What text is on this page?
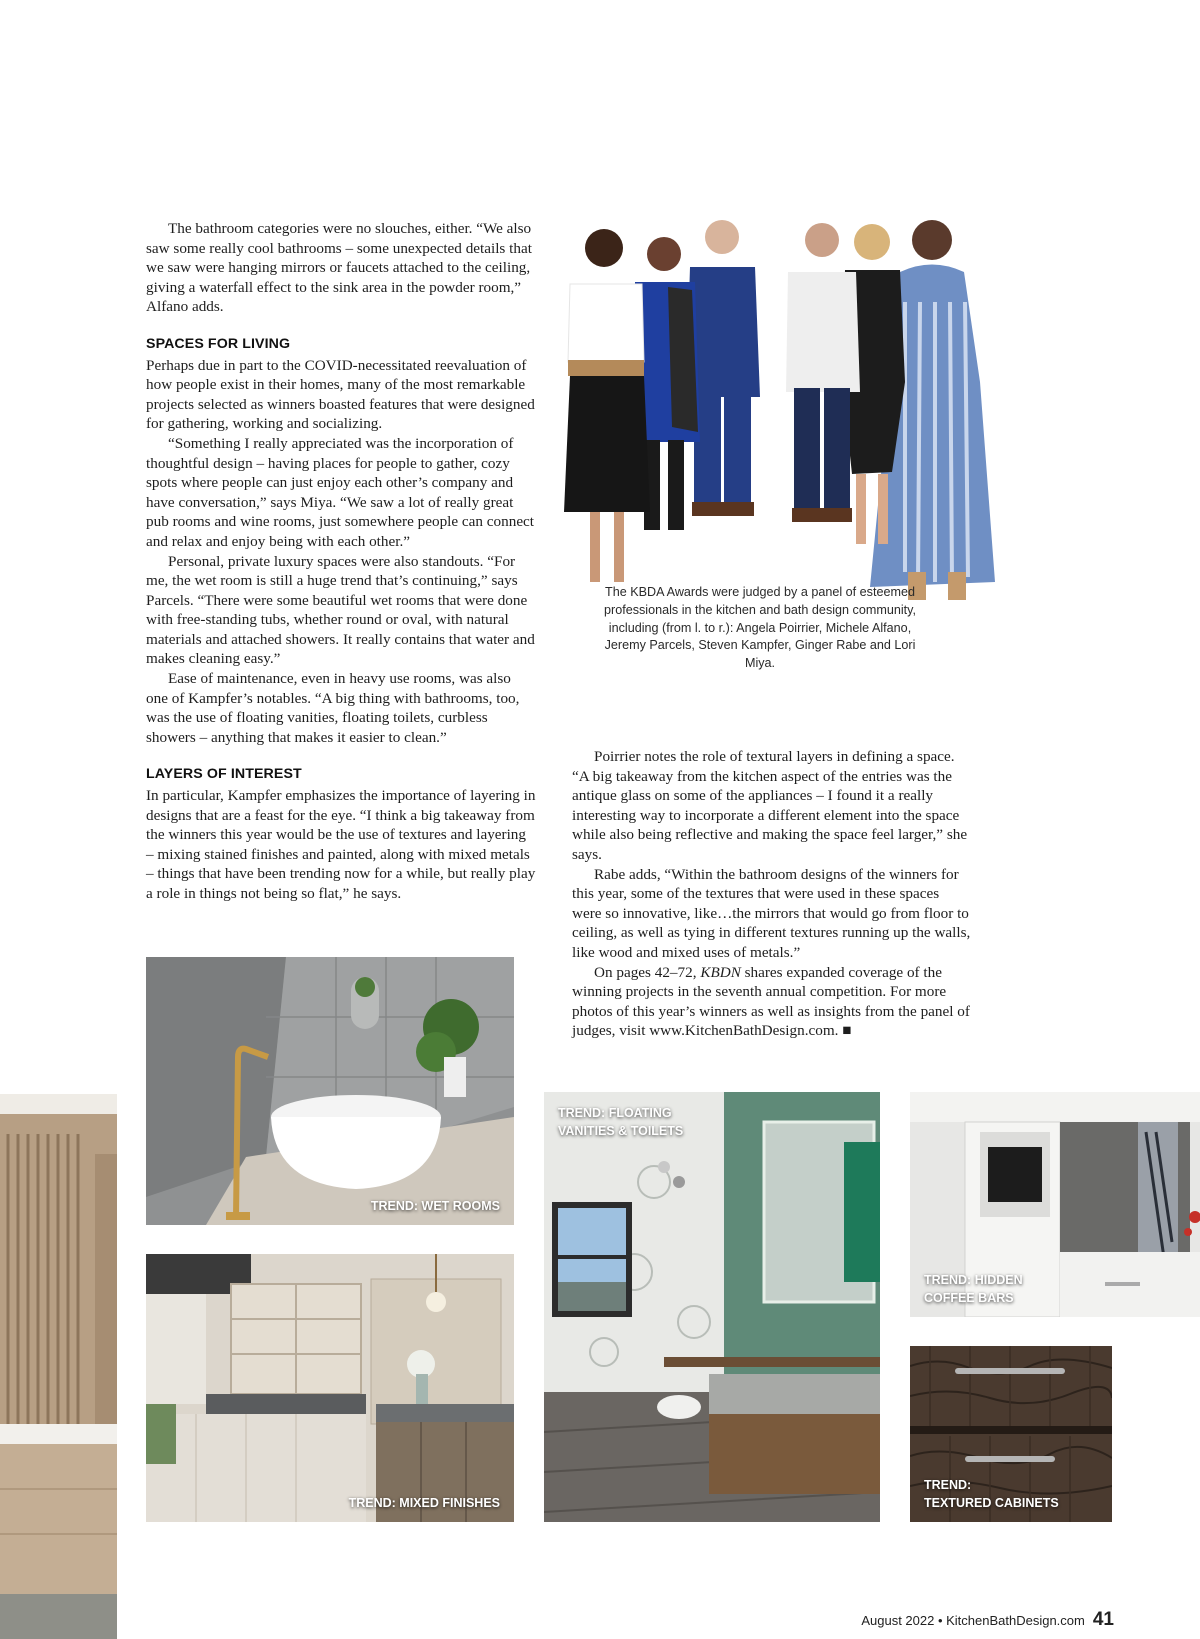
The bathroom categories were no slouches, either. “We also saw some really cool bathrooms – some unexpected details that we saw were hanging mirrors or faucets attached to the ceiling, giving a waterfall effect to the sink area in the powder room,” Alfano adds.

SPACES FOR LIVING

Perhaps due in part to the COVID-necessitated reevaluation of how people exist in their homes, many of the most remarkable projects selected as winners boasted features that were designed for gathering, working and socializing.

“Something I really appreciated was the incorporation of thoughtful design – having places for people to gather, cozy spots where people can just enjoy each other’s company and have conversation,” says Miya. “We saw a lot of really great pub rooms and wine rooms, just somewhere people can connect and relax and enjoy being with each other.”

Personal, private luxury spaces were also standouts. “For me, the wet room is still a huge trend that’s continuing,” says Parcels. “There were some beautiful wet rooms that were done with free-standing tubs, whether round or oval, with natural materials and attached showers. It really contains that water and makes cleaning easy.”

Ease of maintenance, even in heavy use rooms, was also one of Kampfer’s notables. “A big thing with bathrooms, too, was the use of floating vanities, floating toilets, curbless showers – anything that makes it easier to clean.”

LAYERS OF INTEREST

In particular, Kampfer emphasizes the importance of layering in designs that are a feast for the eye. “I think a big takeaway from the winners this year would be the use of textures and layering – mixing stained finishes and painted, along with mixed metals – things that have been trending now for a while, but really play a role in things not being so flat,” he says.

Poirrier notes the role of textural layers in defining a space. “A big takeaway from the kitchen aspect of the entries was the antique glass on some of the appliances – I found it a really interesting way to incorporate a different element into the space while also being reflective and making the space feel larger,” she says.

Rabe adds, “Within the bathroom designs of the winners for this year, some of the textures that were used in these spaces were so innovative, like…the mirrors that would go from floor to ceiling, as well as tying in different textures running up the walls, like wood and mixed uses of metals.”

On pages 42–72, KBDN shares expanded coverage of the winning projects in the seventh annual competition. For more photos of this year’s winners as well as insights from the panel of judges, visit www.KitchenBathDesign.com. ■

The KBDA Awards were judged by a panel of esteemed professionals in the kitchen and bath design community, including (from l. to r.): Angela Poirrier, Michele Alfano, Jeremy Parcels, Steven Kampfer, Ginger Rabe and Lori Miya.
TREND: WET ROOMS
TREND: MIXED FINISHES
TREND: FLOATING
VANITIES & TOILETS
TREND: HIDDEN
COFFEE BARS
TREND:
TEXTURED CABINETS
August 2022 • KitchenBathDesign.com 41
